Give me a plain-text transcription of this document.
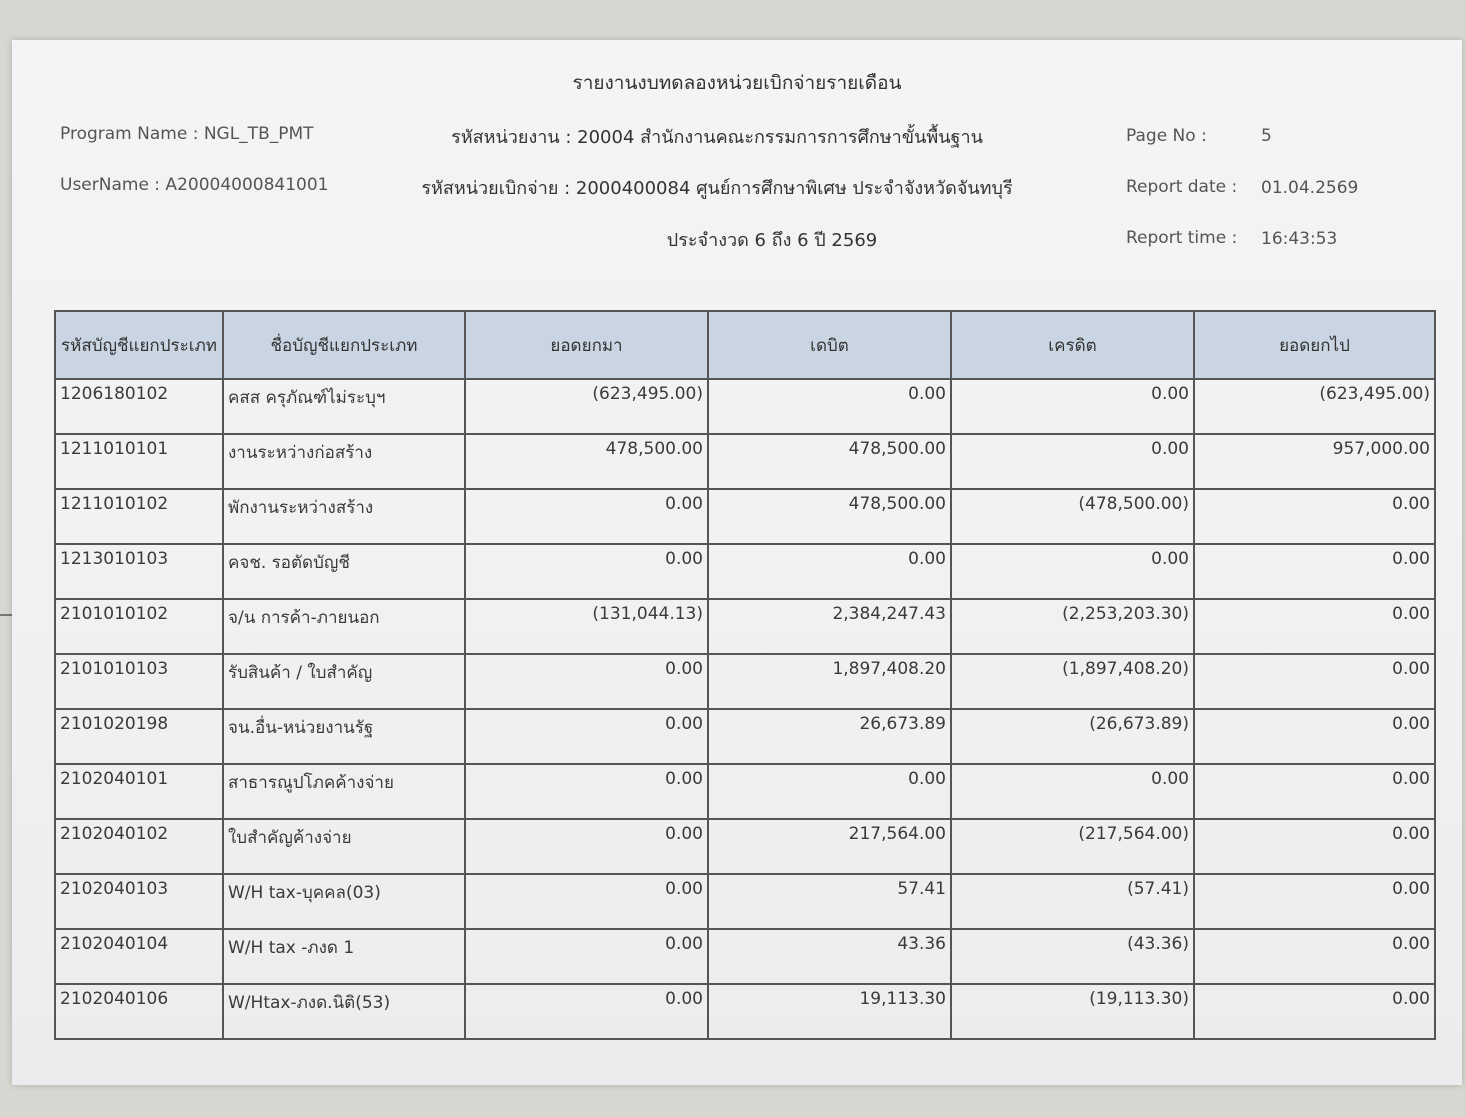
รายงานงบทดลองหน่วยเบิกจ่ายรายเดือน
Program Name : NGL_TB_PMT
UserName : A20004000841001
รหัสหน่วยงาน : 20004 สำนักงานคณะกรรมการการศึกษาขั้นพื้นฐาน
รหัสหน่วยเบิกจ่าย : 2000400084 ศูนย์การศึกษาพิเศษ ประจำจังหวัดจันทบุรี
ประจำงวด 6 ถึง 6 ปี 2569
Page No :	5
Report date : 01.04.2569
Report time : 16:43:53
รหัสบัญชีแยกประเภท	ชื่อบัญชีแยกประเภท	ยอดยกมา	เดบิต	เครดิต	ยอดยกไป
1206180102	คสส ครุภัณฑ์ไม่ระบุฯ	(623,495.00)	0.00	0.00	(623,495.00)
1211010101	งานระหว่างก่อสร้าง	478,500.00	478,500.00	0.00	957,000.00
1211010102	พักงานระหว่างสร้าง	0.00	478,500.00	(478,500.00)	0.00
1213010103	คจช. รอตัดบัญชี	0.00	0.00	0.00	0.00
2101010102	จ/น การค้า-ภายนอก	(131,044.13)	2,384,247.43	(2,253,203.30)	0.00
2101010103	รับสินค้า / ใบสำคัญ	0.00	1,897,408.20	(1,897,408.20)	0.00
2101020198	จน.อื่น-หน่วยงานรัฐ	0.00	26,673.89	(26,673.89)	0.00
2102040101	สาธารณูปโภคค้างจ่าย	0.00	0.00	0.00	0.00
2102040102	ใบสำคัญค้างจ่าย	0.00	217,564.00	(217,564.00)	0.00
2102040103	W/H tax-บุคคล(03)	0.00	57.41	(57.41)	0.00
2102040104	W/H tax -ภงด 1	0.00	43.36	(43.36)	0.00
2102040106	W/Htax-ภงด.นิติ(53)	0.00	19,113.30	(19,113.30)	0.00
